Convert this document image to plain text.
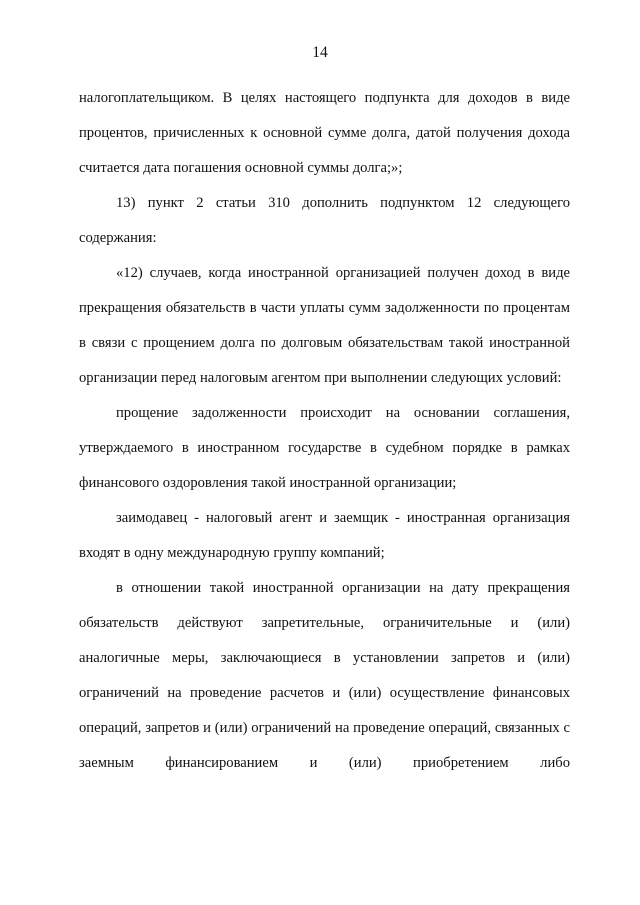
14

налогоплательщиком. В целях настоящего подпункта для доходов в виде процентов, причисленных к основной сумме долга, датой получения дохода считается дата погашения основной суммы долга;»;

13) пункт 2 статьи 310 дополнить подпунктом 12 следующего содержания:

«12) случаев, когда иностранной организацией получен доход в виде прекращения обязательств в части уплаты сумм задолженности по процентам в связи с прощением долга по долговым обязательствам такой иностранной организации перед налоговым агентом при выполнении следующих условий:

прощение задолженности происходит на основании соглашения, утверждаемого в иностранном государстве в судебном порядке в рамках финансового оздоровления такой иностранной организации;

заимодавец - налоговый агент и заемщик - иностранная организация входят в одну международную группу компаний;

в отношении такой иностранной организации на дату прекращения обязательств действуют запретительные, ограничительные и (или) аналогичные меры, заключающиеся в установлении запретов и (или) ограничений на проведение расчетов и (или) осуществление финансовых операций, запретов и (или) ограничений на проведение операций, связанных с заемным финансированием и (или) приобретением либо
